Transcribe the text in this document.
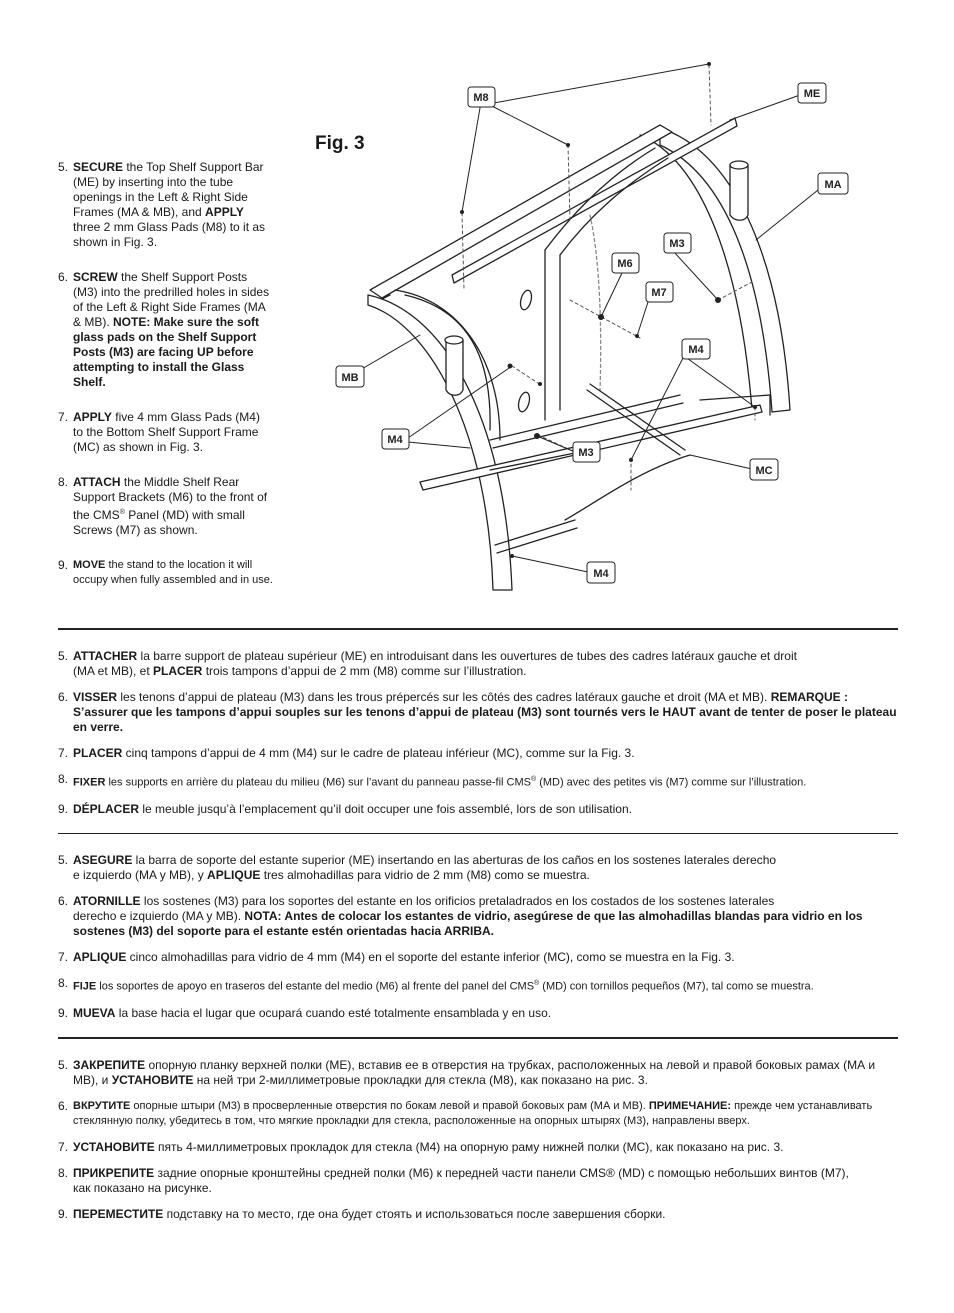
Fig. 3
5. SECURE the Top Shelf Support Bar (ME) by inserting into the tube openings in the Left & Right Side Frames (MA & MB), and APPLY three 2 mm Glass Pads (M8) to it as shown in Fig. 3.
6. SCREW the Shelf Support Posts (M3) into the predrilled holes in sides of the Left & Right Side Frames (MA & MB). NOTE: Make sure the soft glass pads on the Shelf Support Posts (M3) are facing UP before attempting to install the Glass Shelf.
7. APPLY five 4 mm Glass Pads (M4) to the Bottom Shelf Support Frame (MC) as shown in Fig. 3.
8. ATTACH the Middle Shelf Rear Support Brackets (M6) to the front of the CMS® Panel (MD) with small Screws (M7) as shown.
9. MOVE the stand to the location it will occupy when fully assembled and in use.
M8	ME
MA
M3
M6
M7
M4
MB
M4
M3
MC
M4
5. ATTACHER la barre support de plateau supérieur (ME) en introduisant dans les ouvertures de tubes des cadres latéraux gauche et droit
(MA et MB), et PLACER trois tampons d’appui de 2 mm (M8) comme sur l’illustration.
6. VISSER les tenons d’appui de plateau (M3) dans les trous prépercés sur les côtés des cadres latéraux gauche et droit (MA et MB). REMARQUE : S’assurer que les tampons d’appui souples sur les tenons d’appui de plateau (M3) sont tournés vers le HAUT avant de tenter de poser le plateau en verre.
7. PLACER cinq tampons d’appui de 4 mm (M4) sur le cadre de plateau inférieur (MC), comme sur la Fig. 3.
8. FIXER les supports en arrière du plateau du milieu (M6) sur l’avant du panneau passe-fil CMS® (MD) avec des petites vis (M7) comme sur l’illustration.
9. DÉPLACER le meuble jusqu’à l’emplacement qu’il doit occuper une fois assemblé, lors de son utilisation.
5. ASEGURE la barra de soporte del estante superior (ME) insertando en las aberturas de los caños en los sostenes laterales derecho
e izquierdo (MA y MB), y APLIQUE tres almohadillas para vidrio de 2 mm (M8) como se muestra.
6. ATORNILLE los sostenes (M3) para los soportes del estante en los orificios pretaladrados en los costados de los sostenes laterales
derecho e izquierdo (MA y MB). NOTA: Antes de colocar los estantes de vidrio, asegúrese de que las almohadillas blandas para vidrio en los sostenes (M3) del soporte para el estante estén orientadas hacia ARRIBA.
7. APLIQUE cinco almohadillas para vidrio de 4 mm (M4) en el soporte del estante inferior (MC), como se muestra en la Fig. 3.
8. FIJE los soportes de apoyo en traseros del estante del medio (M6) al frente del panel del CMS® (MD) con tornillos pequeños (M7), tal como se muestra.
9. MUEVA la base hacia el lugar que ocupará cuando esté totalmente ensamblada y en uso.
5. ЗАКРЕПИТЕ опорную планку верхней полки (МЕ), вставив ее в отверстия на трубках, расположенных на левой и правой боковых рамах (МА и МВ), и УСТАНОВИТЕ на ней три 2-миллиметровые прокладки для стекла (М8), как показано на рис. 3.
6. ВКРУТИТЕ опорные штыри (М3) в просверленные отверстия по бокам левой и правой боковых рам (МА и МВ). ПРИМЕЧАНИЕ: прежде чем устанавливать стеклянную полку, убедитесь в том, что мягкие прокладки для стекла, расположенные на опорных штырях (М3), направлены вверх.
7. УСТАНОВИТЕ пять 4-миллиметровых прокладок для стекла (М4) на опорную раму нижней полки (МС), как показано на рис. 3.
8. ПРИКРЕПИТЕ задние опорные кронштейны средней полки (М6) к передней части панели CMS® (MD) с помощью небольших винтов (М7),
как показано на рисунке.
9. ПЕРЕМЕСТИТЕ подставку на то место, где она будет стоять и использоваться после завершения сборки.
